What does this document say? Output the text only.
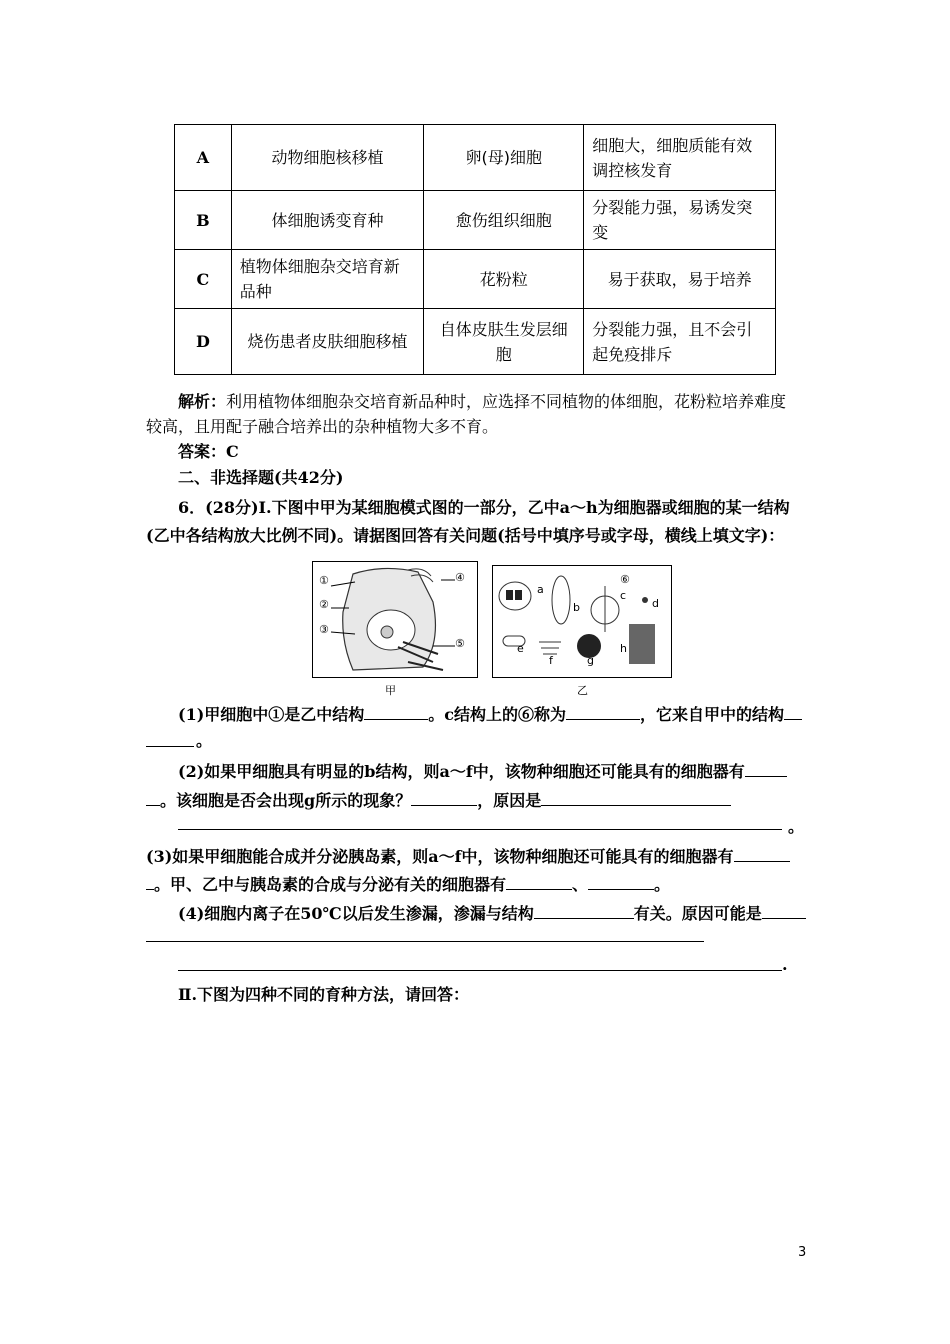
A	动物细胞核移植	卵(母)细胞	细胞大，细胞质能有效调控核发育
B	体细胞诱变育种	愈伤组织细胞	分裂能力强，易诱发突变
C	植物体细胞杂交培育新品种	花粉粒	易于获取，易于培养
D	烧伤患者皮肤细胞移植	自体皮肤生发层细胞	分裂能力强，且不会引起免疫排斥
解析：利用植物体细胞杂交培育新品种时，应选择不同植物的体细胞，花粉粒培养难度
较高，且用配子融合培养出的杂种植物大多不育。
答案：C
二、非选择题(共42分)
6．(28分)Ⅰ.下图中甲为某细胞模式图的一部分，乙中a～h为细胞器或细胞的某一结构
(乙中各结构放大比例不同)。请据图回答有关问题(括号中填序号或字母，横线上填文字)：
①
②
③
④
⑤
甲
a
b
c
d
e
f	g
h
⑥
乙
(1)甲细胞中①是乙中结构	。c结构上的⑥称为	，它来自甲中的结构
。
(2)如果甲细胞具有明显的b结构，则a～f中，该物种细胞还可能具有的细胞器有
。该细胞是否会出现g所示的现象？	，原因是
。
(3)如果甲细胞能合成并分泌胰岛素，则a～f中，该物种细胞还可能具有的细胞器有
。甲、乙中与胰岛素的合成与分泌有关的细胞器有	、	。
(4)细胞内离子在50℃以后发生渗漏，渗漏与结构	有关。原因可能是
.
Ⅱ.下图为四种不同的育种方法，请回答：
3
